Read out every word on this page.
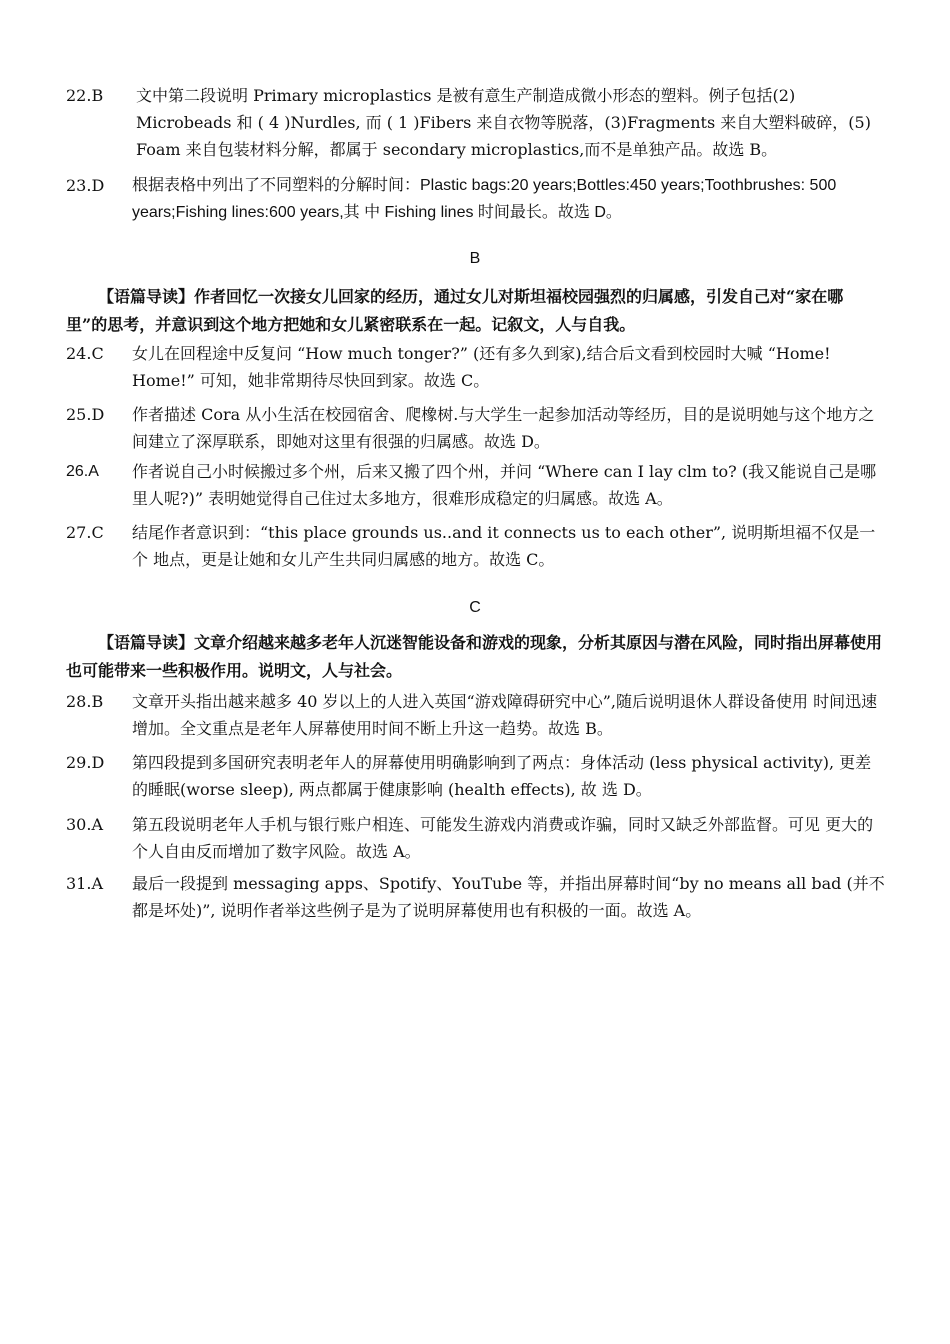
22.B	文中第二段说明 Primary microplastics 是被有意生产制造成微小形态的塑料。例子包括(2) Microbeads 和 ( 4 )Nurdles, 而 ( 1 )Fibers 来自衣物等脱落，(3)Fragments 来自大塑料破碎，(5) Foam 来自包装材料分解，都属于 secondary microplastics,而不是单独产品。故选 B。
23.D	根据表格中列出了不同塑料的分解时间：Plastic bags:20 years;Bottles:450 years;Toothbrushes: 500 years;Fishing lines:600 years,其 中 Fishing lines 时间最长。故选 D。
B
【语篇导读】作者回忆一次接女儿回家的经历，通过女儿对斯坦福校园强烈的归属感，引发自己对“家在哪里”的思考，并意识到这个地方把她和女儿紧密联系在一起。记叙文，人与自我。
24.C	女儿在回程途中反复问 “How much tonger?” (还有多久到家),结合后文看到校园时大喊 “Home! Home!” 可知，她非常期待尽快回到家。故选 C。
25.D	作者描述 Cora 从小生活在校园宿舍、爬橡树.与大学生一起参加活动等经历，目的是说明她与这个地方之间建立了深厚联系，即她对这里有很强的归属感。故选 D。
26.A	作者说自己小时候搬过多个州，后来又搬了四个州，并问 “Where can I lay clm to? (我又能说自己是哪里人呢?)” 表明她觉得自己住过太多地方，很难形成稳定的归属感。故选 A。
27.C	结尾作者意识到：“this place grounds us..and it connects us to each other”, 说明斯坦福不仅是一个 地点，更是让她和女儿产生共同归属感的地方。故选 C。
C
【语篇导读】文章介绍越来越多老年人沉迷智能设备和游戏的现象，分析其原因与潜在风险，同时指出屏幕使用也可能带来一些积极作用。说明文，人与社会。
28.B	文章开头指出越来越多 40 岁以上的人进入英国“游戏障碍研究中心”,随后说明退休人群设备使用 时间迅速增加。全文重点是老年人屏幕使用时间不断上升这一趋势。故选 B。
29.D	第四段提到多国研究表明老年人的屏幕使用明确影响到了两点：身体活动 (less physical activity), 更差的睡眠(worse sleep), 两点都属于健康影响 (health effects), 故 选 D。
30.A	第五段说明老年人手机与银行账户相连、可能发生游戏内消费或诈骗，同时又缺乏外部监督。可见 更大的个人自由反而增加了数字风险。故选 A。
31.A	最后一段提到 messaging apps、Spotify、YouTube 等，并指出屏幕时间“by no means all bad (并不 都是坏处)”, 说明作者举这些例子是为了说明屏幕使用也有积极的一面。故选 A。
